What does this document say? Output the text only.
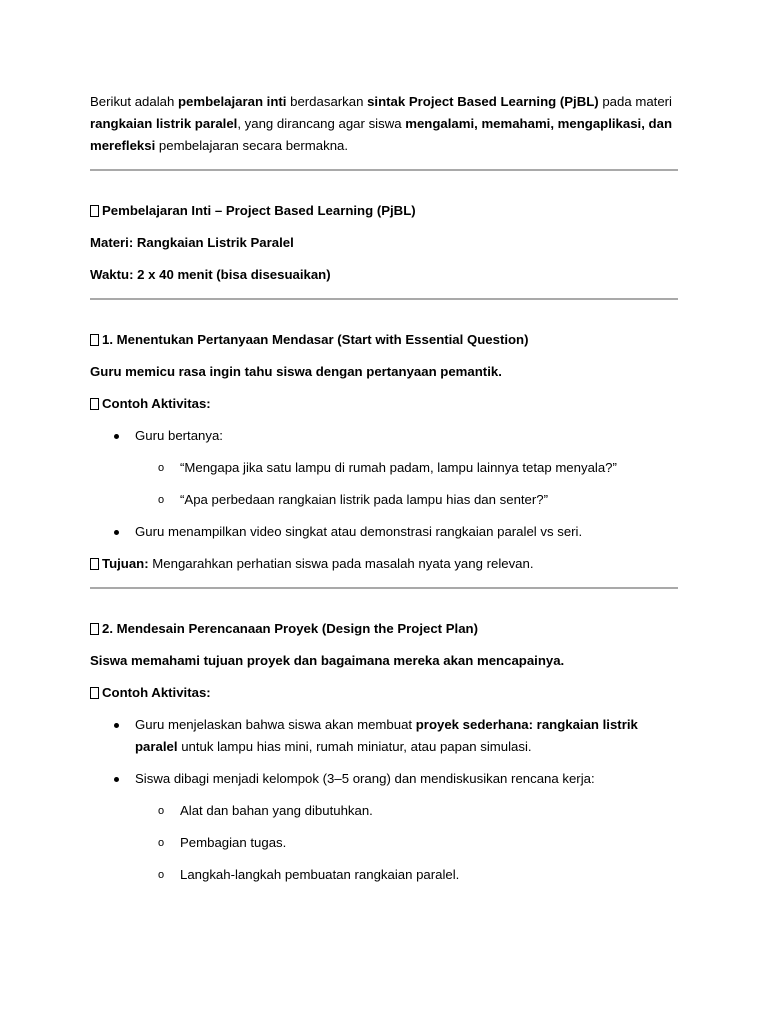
Berikut adalah pembelajaran inti berdasarkan sintak Project Based Learning (PjBL) pada materi rangkaian listrik paralel, yang dirancang agar siswa mengalami, memahami, mengaplikasi, dan merefleksi pembelajaran secara bermakna.

Pembelajaran Inti – Project Based Learning (PjBL)

Materi: Rangkaian Listrik Paralel

Waktu: 2 x 40 menit (bisa disesuaikan)

1. Menentukan Pertanyaan Mendasar (Start with Essential Question)

Guru memicu rasa ingin tahu siswa dengan pertanyaan pemantik.

Contoh Aktivitas:

Guru bertanya:
o “Mengapa jika satu lampu di rumah padam, lampu lainnya tetap menyala?”
o “Apa perbedaan rangkaian listrik pada lampu hias dan senter?”
Guru menampilkan video singkat atau demonstrasi rangkaian paralel vs seri.

Tujuan: Mengarahkan perhatian siswa pada masalah nyata yang relevan.

2. Mendesain Perencanaan Proyek (Design the Project Plan)

Siswa memahami tujuan proyek dan bagaimana mereka akan mencapainya.

Contoh Aktivitas:

Guru menjelaskan bahwa siswa akan membuat proyek sederhana: rangkaian listrik paralel untuk lampu hias mini, rumah miniatur, atau papan simulasi.
Siswa dibagi menjadi kelompok (3–5 orang) dan mendiskusikan rencana kerja:
o Alat dan bahan yang dibutuhkan.
o Pembagian tugas.
o Langkah-langkah pembuatan rangkaian paralel.
